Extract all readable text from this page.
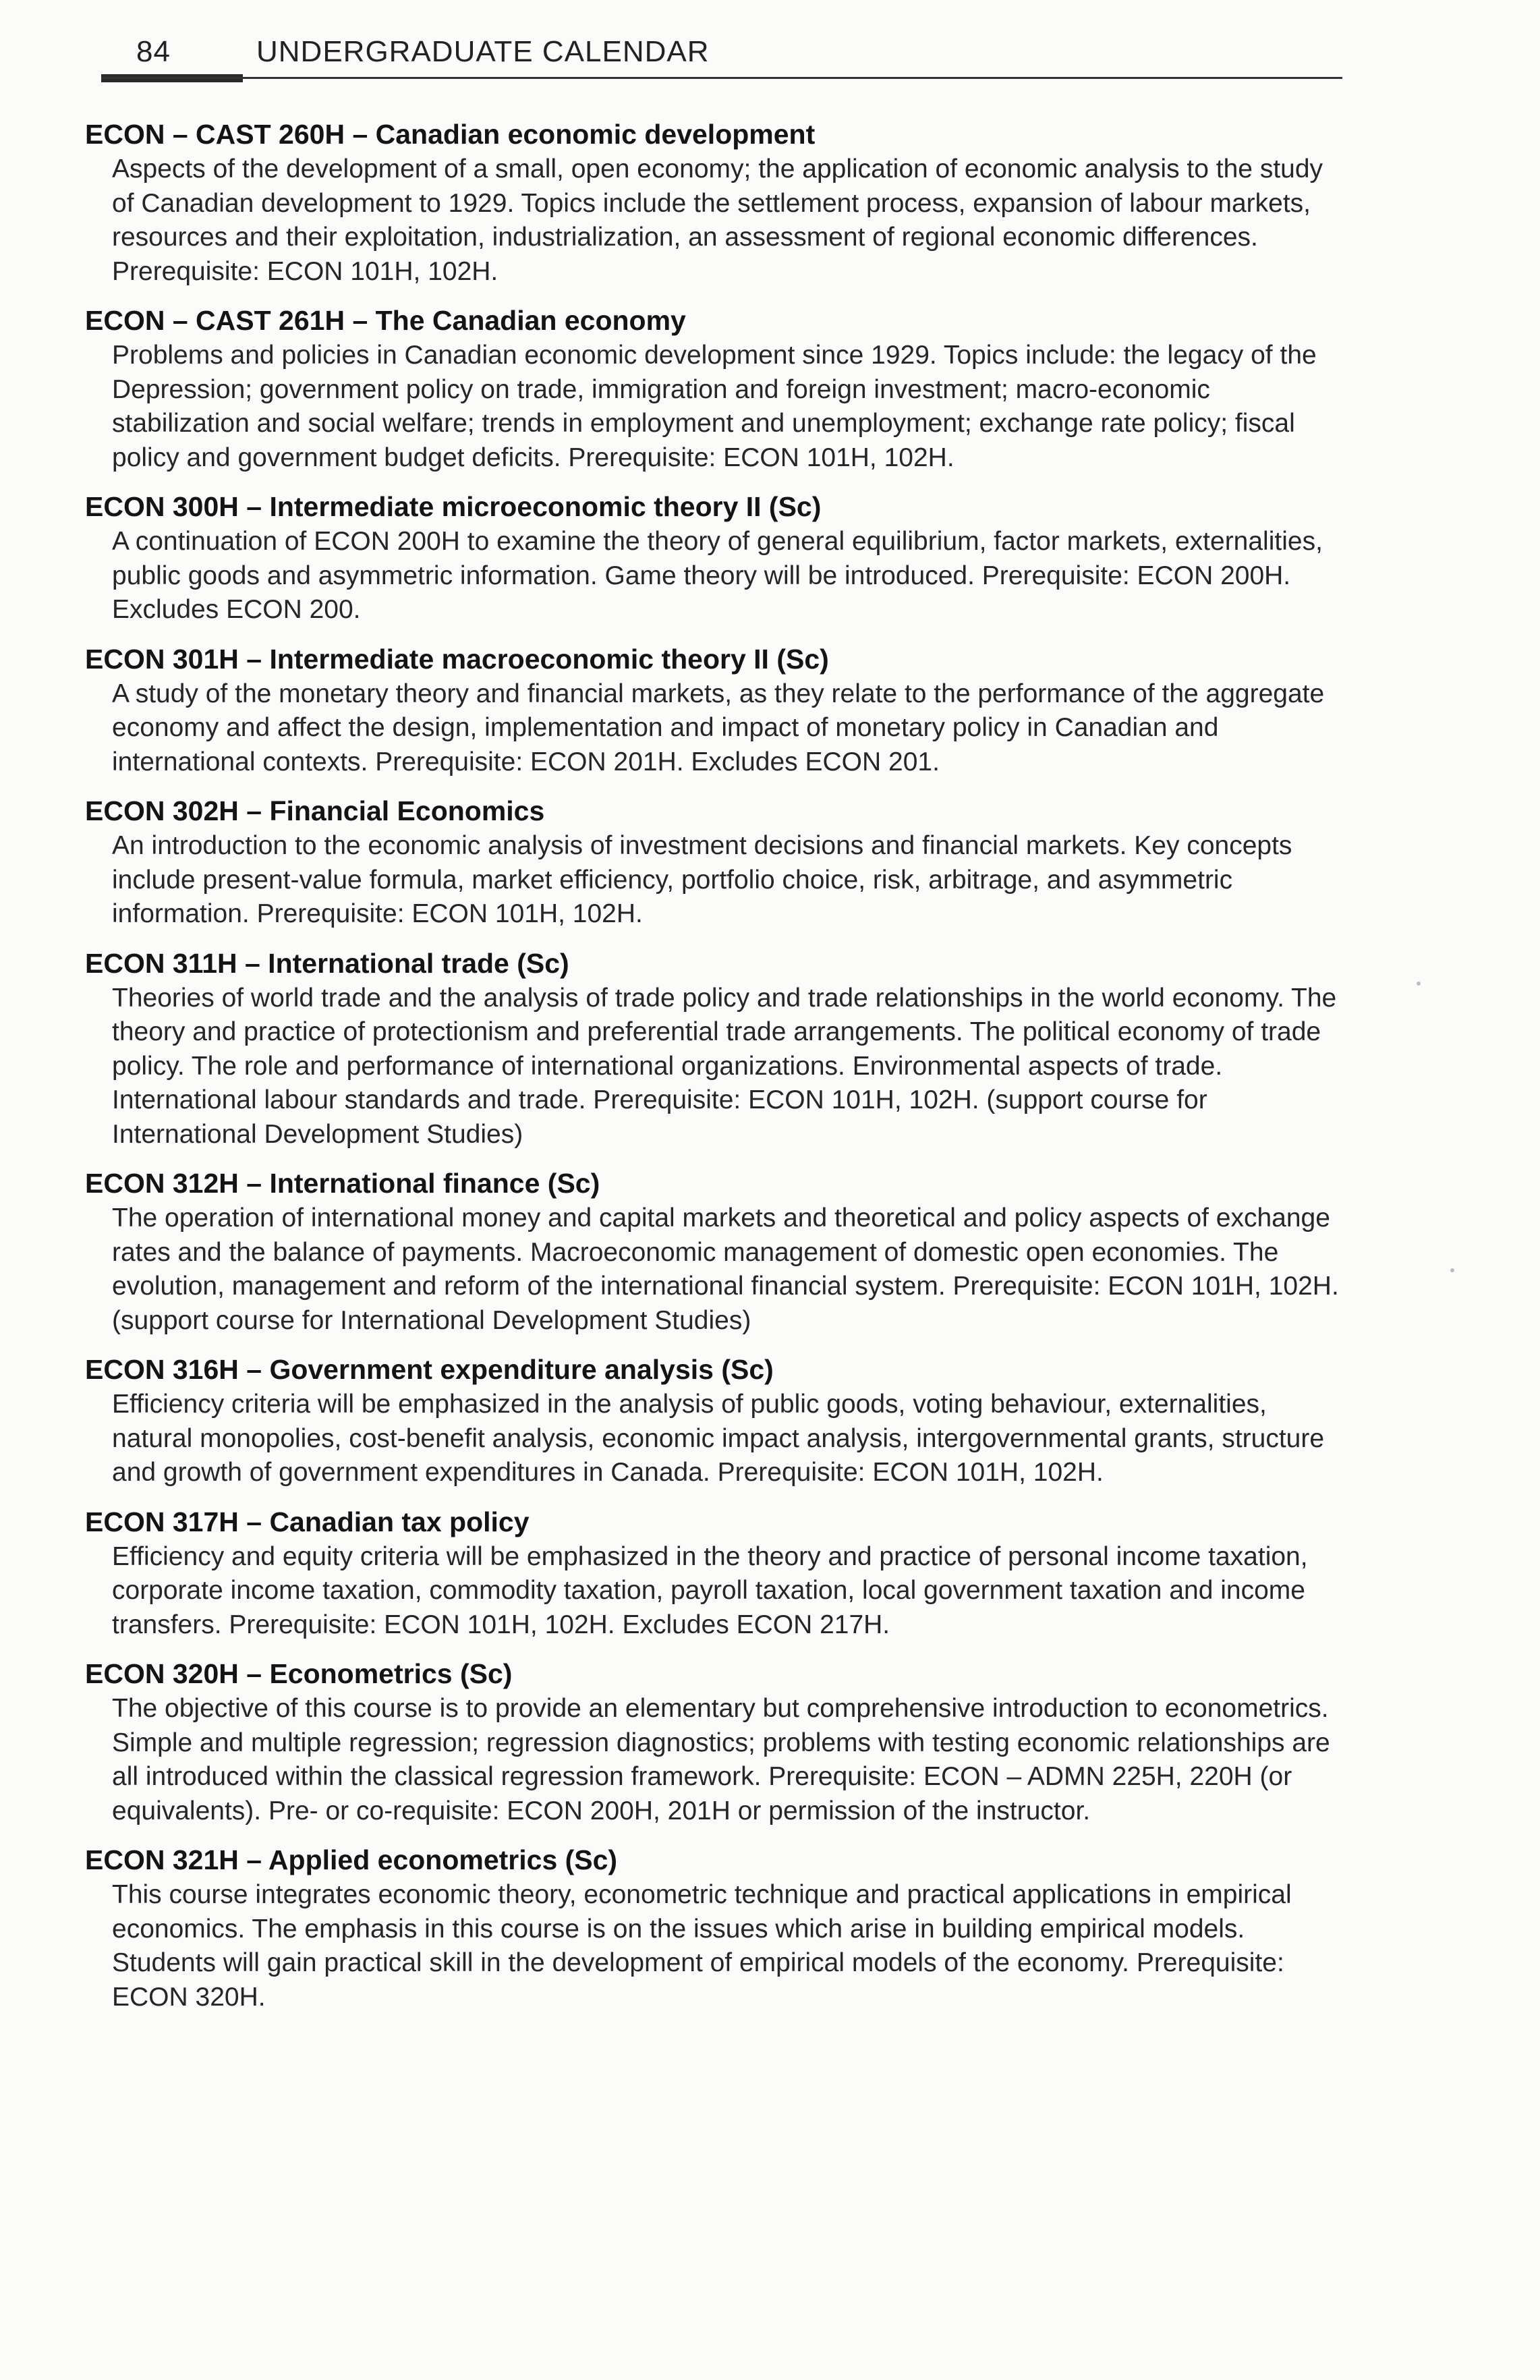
84	UNDERGRADUATE CALENDAR
ECON – CAST 260H – Canadian economic development
Aspects of the development of a small, open economy; the application of economic analysis to the study of Canadian development to 1929. Topics include the settlement process, expansion of labour markets, resources and their exploitation, industrialization, an assessment of regional economic differences. Prerequisite: ECON 101H, 102H.
ECON – CAST 261H – The Canadian economy
Problems and policies in Canadian economic development since 1929. Topics include: the legacy of the Depression; government policy on trade, immigration and foreign investment; macro-economic stabilization and social welfare; trends in employment and unemployment; exchange rate policy; fiscal policy and government budget deficits. Prerequisite: ECON 101H, 102H.
ECON 300H – Intermediate microeconomic theory II (Sc)
A continuation of ECON 200H to examine the theory of general equilibrium, factor markets, externalities, public goods and asymmetric information. Game theory will be introduced. Prerequisite: ECON 200H. Excludes ECON 200.
ECON 301H – Intermediate macroeconomic theory II (Sc)
A study of the monetary theory and financial markets, as they relate to the performance of the aggregate economy and affect the design, implementation and impact of monetary policy in Canadian and international contexts. Prerequisite: ECON 201H. Excludes ECON 201.
ECON 302H – Financial Economics
An introduction to the economic analysis of investment decisions and financial markets. Key concepts include present-value formula, market efficiency, portfolio choice, risk, arbitrage, and asymmetric information. Prerequisite: ECON 101H, 102H.
ECON 311H – International trade (Sc)
Theories of world trade and the analysis of trade policy and trade relationships in the world economy. The theory and practice of protectionism and preferential trade arrangements. The political economy of trade policy. The role and performance of international organizations. Environmental aspects of trade. International labour standards and trade. Prerequisite: ECON 101H, 102H. (support course for International Development Studies)
ECON 312H – International finance (Sc)
The operation of international money and capital markets and theoretical and policy aspects of exchange rates and the balance of payments. Macroeconomic management of domestic open economies. The evolution, management and reform of the international financial system. Prerequisite: ECON 101H, 102H. (support course for International Development Studies)
ECON 316H – Government expenditure analysis (Sc)
Efficiency criteria will be emphasized in the analysis of public goods, voting behaviour, externalities, natural monopolies, cost-benefit analysis, economic impact analysis, intergovernmental grants, structure and growth of government expenditures in Canada. Prerequisite: ECON 101H, 102H.
ECON 317H – Canadian tax policy
Efficiency and equity criteria will be emphasized in the theory and practice of personal income taxation, corporate income taxation, commodity taxation, payroll taxation, local government taxation and income transfers. Prerequisite: ECON 101H, 102H. Excludes ECON 217H.
ECON 320H – Econometrics (Sc)
The objective of this course is to provide an elementary but comprehensive introduction to econometrics. Simple and multiple regression; regression diagnostics; problems with testing economic relationships are all introduced within the classical regression framework. Prerequisite: ECON – ADMN 225H, 220H (or equivalents). Pre- or co-requisite: ECON 200H, 201H or permission of the instructor.
ECON 321H – Applied econometrics (Sc)
This course integrates economic theory, econometric technique and practical applications in empirical economics. The emphasis in this course is on the issues which arise in building empirical models. Students will gain practical skill in the development of empirical models of the economy. Prerequisite: ECON 320H.
